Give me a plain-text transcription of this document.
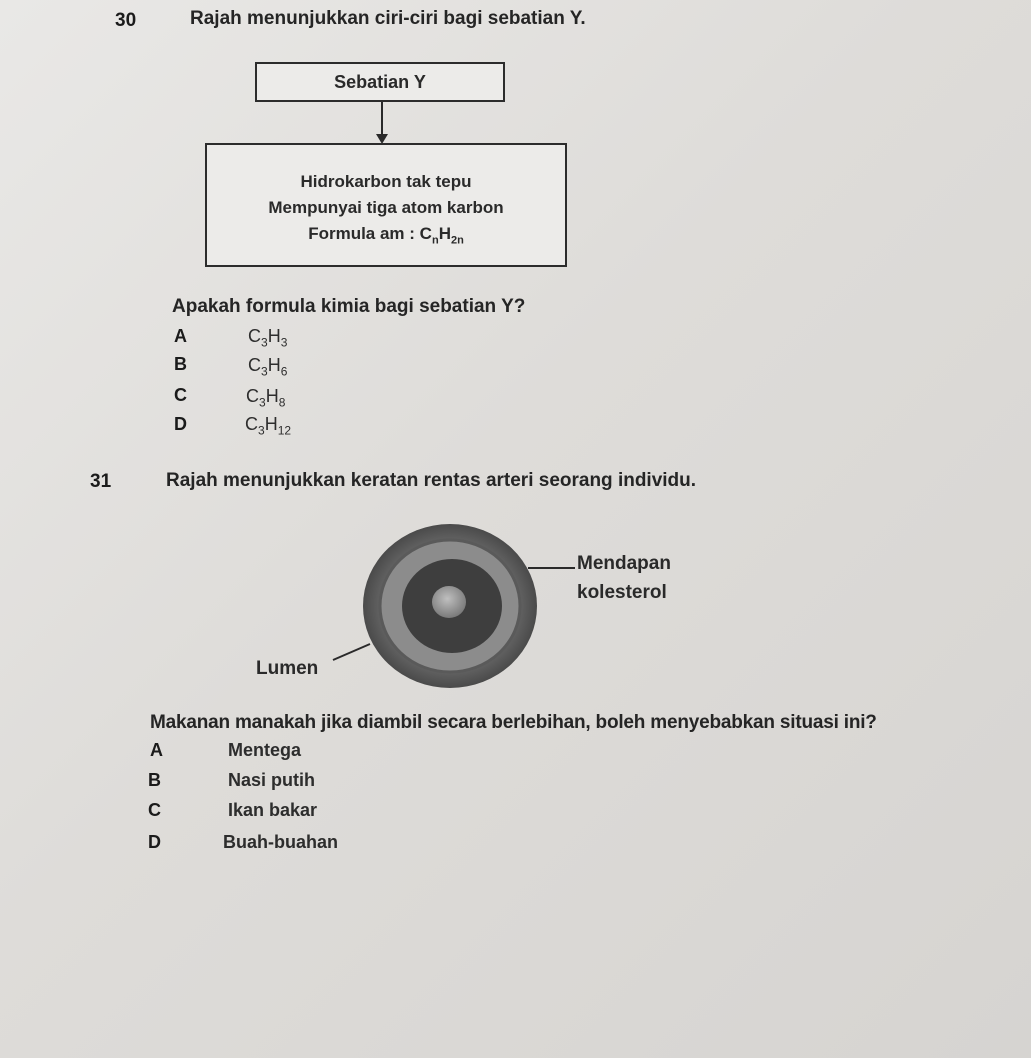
30	Rajah menunjukkan ciri-ciri bagi sebatian Y.
Sebatian Y
Hidrokarbon tak tepu
Mempunyai tiga atom karbon
Formula am : $C_nH_{2n}$
Apakah formula kimia bagi sebatian Y?
A	$C_3H_3$
B	$C_3H_6$
C	$C_3H_8$
D	$C_3H_{12}$
31	Rajah menunjukkan keratan rentas arteri seorang individu.
Mendapan
kolesterol
Lumen
Makanan manakah jika diambil secara berlebihan, boleh menyebabkan situasi ini?
A	Mentega
B	Nasi putih
C	Ikan bakar
D	Buah-buahan
